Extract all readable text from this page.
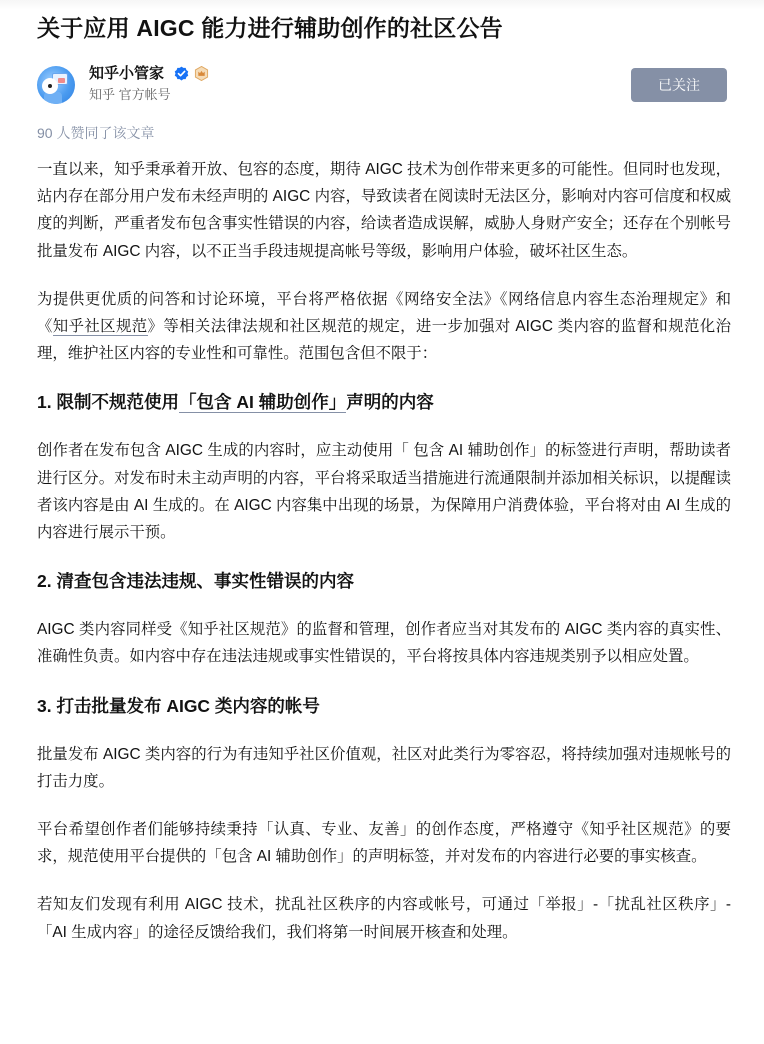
关于应用 AIGC 能力进行辅助创作的社区公告
知乎小管家
知乎 官方帐号
已关注
90 人赞同了该文章

一直以来，知乎秉承着开放、包容的态度，期待 AIGC 技术为创作带来更多的可能性。但同时也发现，站内存在部分用户发布未经声明的 AIGC 内容，导致读者在阅读时无法区分，影响对内容可信度和权威度的判断，严重者发布包含事实性错误的内容，给读者造成误解，威胁人身财产安全；还存在个别帐号批量发布 AIGC 内容，以不正当手段违规提高帐号等级，影响用户体验，破坏社区生态。

为提供更优质的问答和讨论环境，平台将严格依据《网络安全法》《网络信息内容生态治理规定》和《知乎社区规范》等相关法律法规和社区规范的规定，进一步加强对 AIGC 类内容的监督和规范化治理，维护社区内容的专业性和可靠性。范围包含但不限于：

1. 限制不规范使用「包含 AI 辅助创作」声明的内容

创作者在发布包含 AIGC 生成的内容时，应主动使用「 包含 AI 辅助创作」的标签进行声明，帮助读者进行区分。对发布时未主动声明的内容，平台将采取适当措施进行流通限制并添加相关标识，以提醒读者该内容是由 AI 生成的。在 AIGC 内容集中出现的场景，为保障用户消费体验，平台将对由 AI 生成的内容进行展示干预。

2. 清查包含违法违规、事实性错误的内容

AIGC 类内容同样受《知乎社区规范》的监督和管理，创作者应当对其发布的 AIGC 类内容的真实性、准确性负责。如内容中存在违法违规或事实性错误的，平台将按具体内容违规类别予以相应处置。

3. 打击批量发布 AIGC 类内容的帐号

批量发布 AIGC 类内容的行为有违知乎社区价值观，社区对此类行为零容忍，将持续加强对违规帐号的打击力度。

平台希望创作者们能够持续秉持「认真、专业、友善」的创作态度，严格遵守《知乎社区规范》的要求，规范使用平台提供的「包含 AI 辅助创作」的声明标签，并对发布的内容进行必要的事实核查。

若知友们发现有利用 AIGC 技术，扰乱社区秩序的内容或帐号，可通过「举报」-「扰乱社区秩序」-「AI 生成内容」的途径反馈给我们，我们将第一时间展开核查和处理。
